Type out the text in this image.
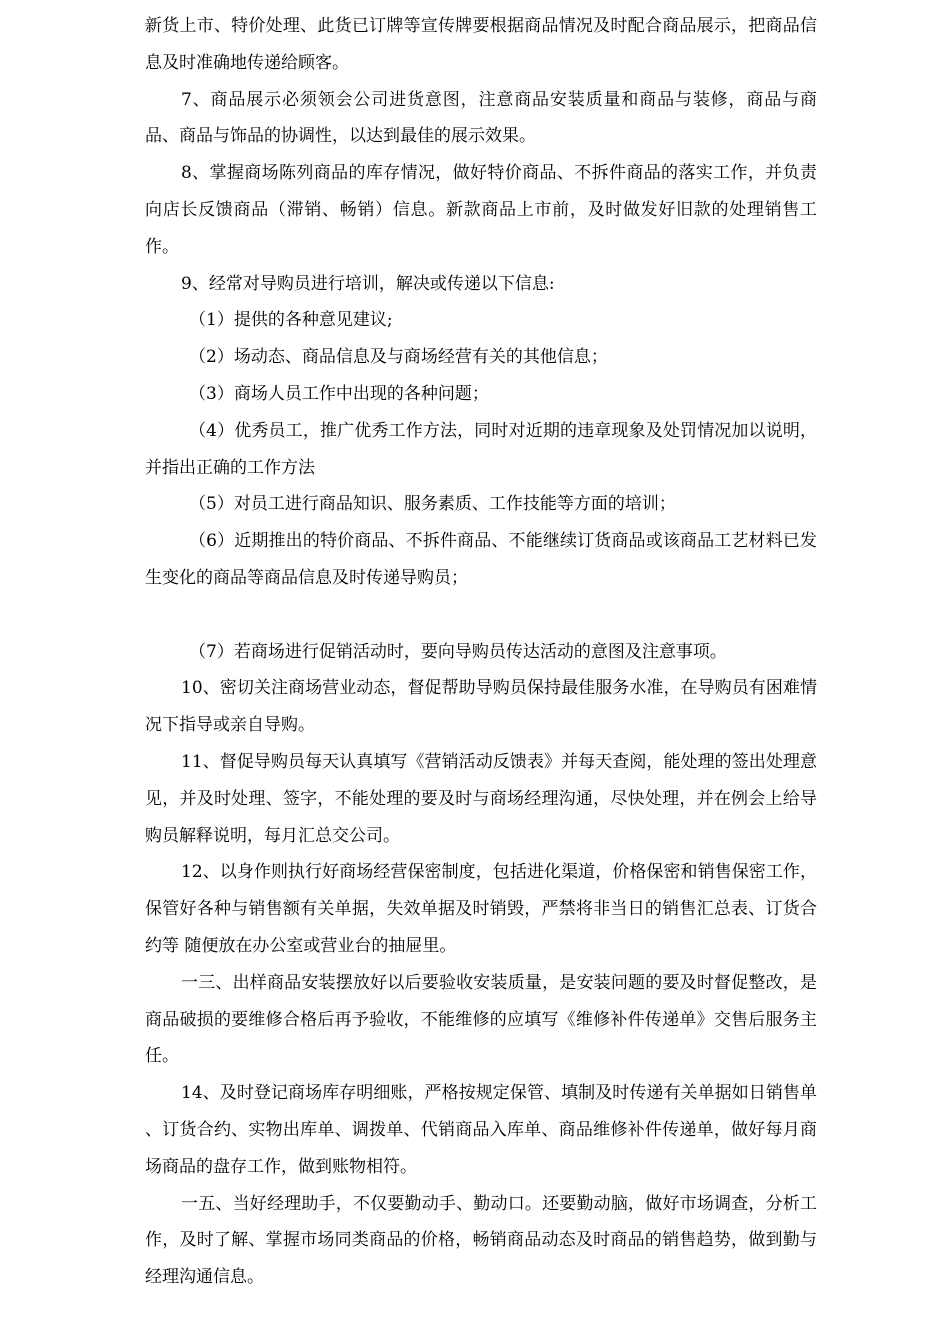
新货上市、特价处理、此货已订牌等宣传牌要根据商品情况及时配合商品展示，把商品信息及时准确地传递给顾客。

7、商品展示必须领会公司进货意图，注意商品安装质量和商品与装修，商品与商品、商品与饰品的协调性，以达到最佳的展示效果。

8、掌握商场陈列商品的库存情况，做好特价商品、不拆件商品的落实工作，并负责向店长反馈商品（滞销、畅销）信息。新款商品上市前，及时做发好旧款的处理销售工作。

9、经常对导购员进行培训，解决或传递以下信息:

（1）提供的各种意见建议;

（2）场动态、商品信息及与商场经营有关的其他信息；

（3）商场人员工作中出现的各种问题；

（4）优秀员工，推广优秀工作方法，同时对近期的违章现象及处罚情况加以说明，并指出正确的工作方法

（5）对员工进行商品知识、服务素质、工作技能等方面的培训；

（6）近期推出的特价商品、不拆件商品、不能继续订货商品或该商品工艺材料已发生变化的商品等商品信息及时传递导购员；

（7）若商场进行促销活动时，要向导购员传达活动的意图及注意事项。

10、密切关注商场营业动态，督促帮助导购员保持最佳服务水准，在导购员有困难情况下指导或亲自导购。

11、督促导购员每天认真填写《营销活动反馈表》并每天查阅，能处理的签出处理意见，并及时处理、签字，不能处理的要及时与商场经理沟通，尽快处理，并在例会上给导购员解释说明，每月汇总交公司。

12、以身作则执行好商场经营保密制度，包括进化渠道，价格保密和销售保密工作，保管好各种与销售额有关单据，失效单据及时销毁，严禁将非当日的销售汇总表、订货合约等 随便放在办公室或营业台的抽屉里。

一三、出样商品安装摆放好以后要验收安装质量，是安装问题的要及时督促整改，是商品破损的要维修合格后再予验收，不能维修的应填写《维修补件传递单》交售后服务主任。

14、及时登记商场库存明细账，严格按规定保管、填制及时传递有关单据如日销售单 、订货合约、实物出库单、调拨单、代销商品入库单、商品维修补件传递单，做好每月商场商品的盘存工作，做到账物相符。

一五、当好经理助手，不仅要勤动手、勤动口。还要勤动脑，做好市场调查，分析工作，及时了解、掌握市场同类商品的价格，畅销商品动态及时商品的销售趋势，做到勤与经理沟通信息。
